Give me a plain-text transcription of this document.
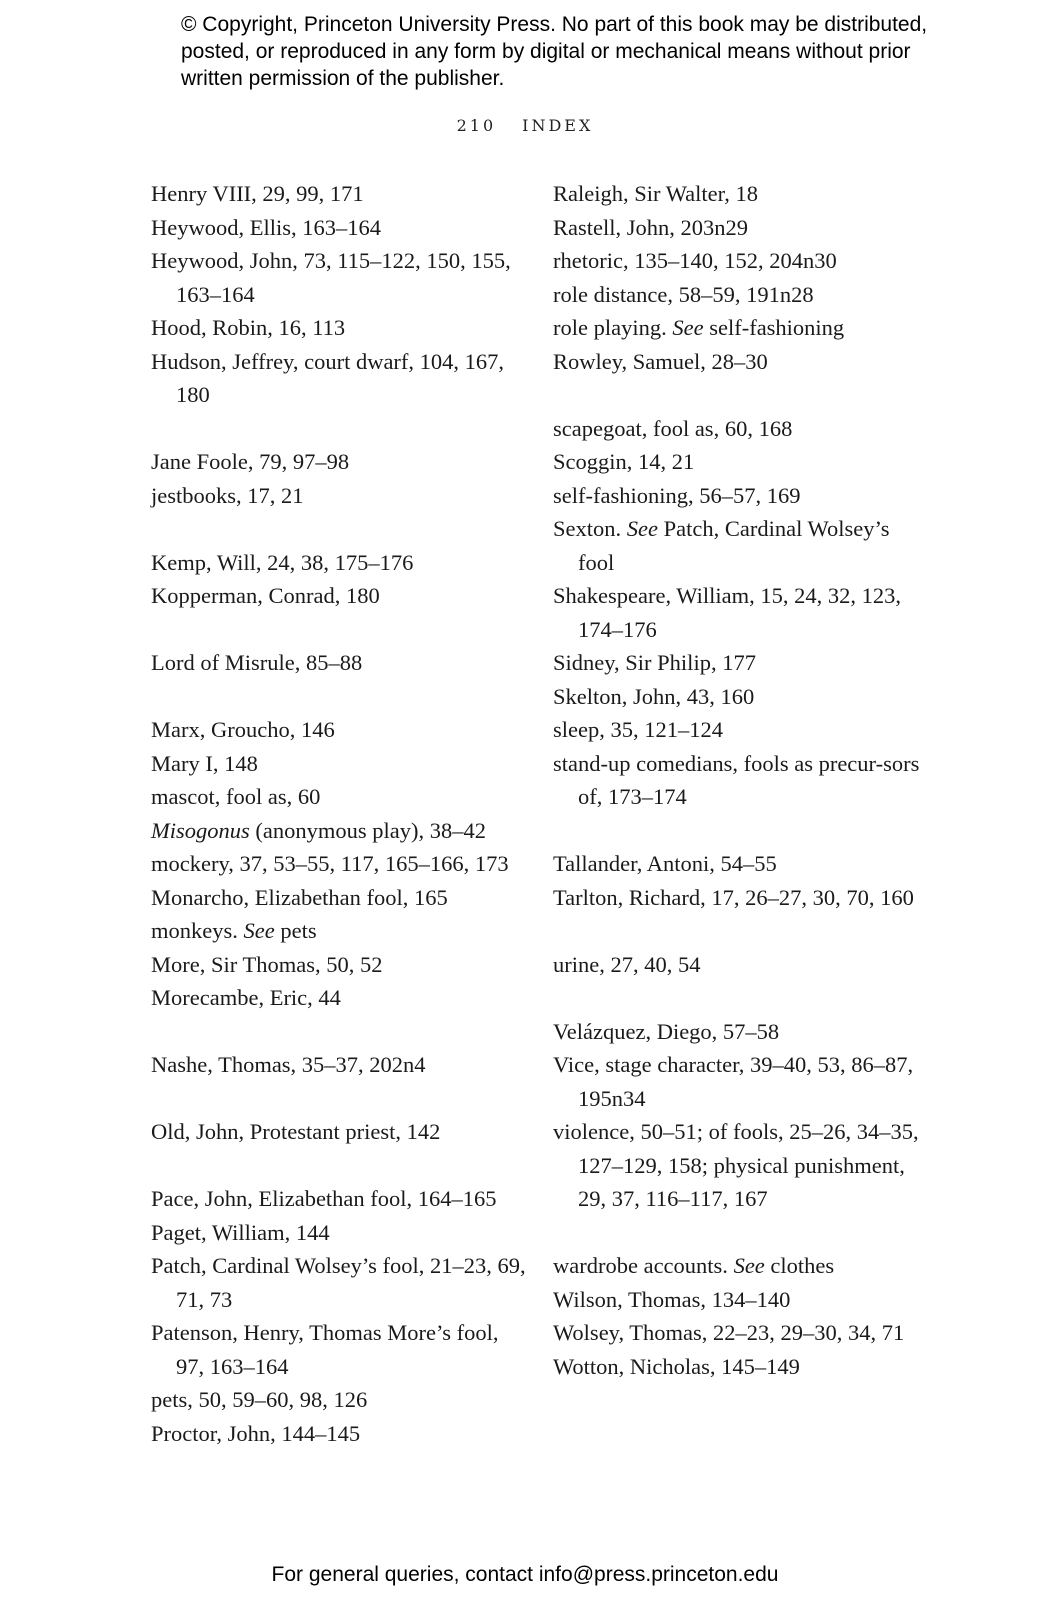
© Copyright, Princeton University Press. No part of this book may be distributed, posted, or reproduced in any form by digital or mechanical means without prior written permission of the publisher.
210 INDEX
Henry VIII, 29, 99, 171
Heywood, Ellis, 163–164
Heywood, John, 73, 115–122, 150, 155, 163–164
Hood, Robin, 16, 113
Hudson, Jeffrey, court dwarf, 104, 167, 180
Jane Foole, 79, 97–98
jestbooks, 17, 21
Kemp, Will, 24, 38, 175–176
Kopperman, Conrad, 180
Lord of Misrule, 85–88
Marx, Groucho, 146
Mary I, 148
mascot, fool as, 60
Misogonus (anonymous play), 38–42
mockery, 37, 53–55, 117, 165–166, 173
Monarcho, Elizabethan fool, 165
monkeys. See pets
More, Sir Thomas, 50, 52
Morecambe, Eric, 44
Nashe, Thomas, 35–37, 202n4
Old, John, Protestant priest, 142
Pace, John, Elizabethan fool, 164–165
Paget, William, 144
Patch, Cardinal Wolsey’s fool, 21–23, 69, 71, 73
Patenson, Henry, Thomas More’s fool, 97, 163–164
pets, 50, 59–60, 98, 126
Proctor, John, 144–145
Raleigh, Sir Walter, 18
Rastell, John, 203n29
rhetoric, 135–140, 152, 204n30
role distance, 58–59, 191n28
role playing. See self-fashioning
Rowley, Samuel, 28–30
scapegoat, fool as, 60, 168
Scoggin, 14, 21
self-fashioning, 56–57, 169
Sexton. See Patch, Cardinal Wolsey’s fool
Shakespeare, William, 15, 24, 32, 123, 174–176
Sidney, Sir Philip, 177
Skelton, John, 43, 160
sleep, 35, 121–124
stand-up comedians, fools as precur-sors of, 173–174
Tallander, Antoni, 54–55
Tarlton, Richard, 17, 26–27, 30, 70, 160
urine, 27, 40, 54
Velázquez, Diego, 57–58
Vice, stage character, 39–40, 53, 86–87, 195n34
violence, 50–51; of fools, 25–26, 34–35, 127–129, 158; physical punishment, 29, 37, 116–117, 167
wardrobe accounts. See clothes
Wilson, Thomas, 134–140
Wolsey, Thomas, 22–23, 29–30, 34, 71
Wotton, Nicholas, 145–149
For general queries, contact info@press.princeton.edu
